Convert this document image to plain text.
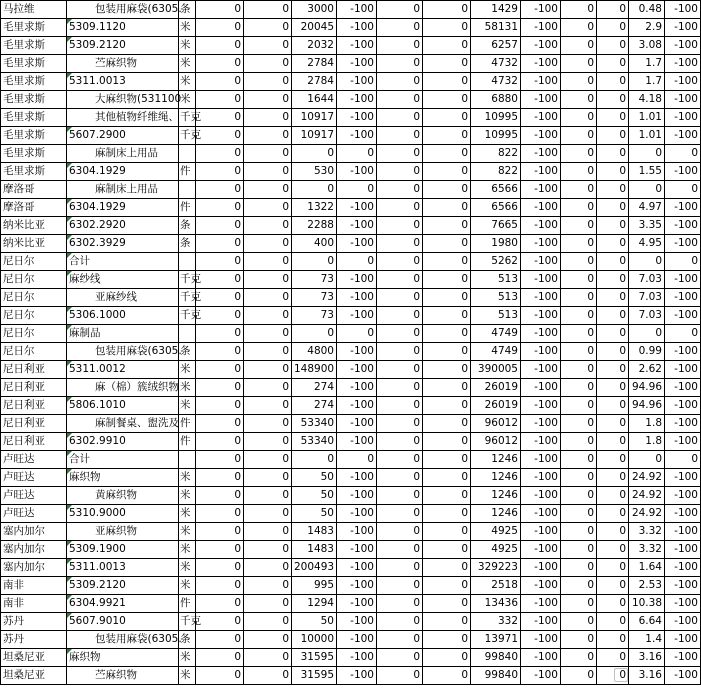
马拉维	包装用麻袋(6305.	条	0	0	3000	-100	0	0	1429	-100	0	0	0.48	-100
毛里求斯	5309.1120	米	0	0	20045	-100	0	0	58131	-100	0	0	2.9	-100
毛里求斯	5309.2120	米	0	0	2032	-100	0	0	6257	-100	0	0	3.08	-100
毛里求斯	苎麻织物	米	0	0	2784	-100	0	0	4732	-100	0	0	1.7	-100
毛里求斯	5311.0013	米	0	0	2784	-100	0	0	4732	-100	0	0	1.7	-100
毛里求斯	大麻织物(531100	米	0	0	1644	-100	0	0	6880	-100	0	0	4.18	-100
毛里求斯	其他植物纤维绳、	千克	0	0	10917	-100	0	0	10995	-100	0	0	1.01	-100
毛里求斯	5607.2900	千克	0	0	10917	-100	0	0	10995	-100	0	0	1.01	-100
毛里求斯	麻制床上用品		0	0	0	0	0	0	822	-100	0	0	0	0
毛里求斯	6304.1929	件	0	0	530	-100	0	0	822	-100	0	0	1.55	-100
摩洛哥	麻制床上用品		0	0	0	0	0	0	6566	-100	0	0	0	0
摩洛哥	6304.1929	件	0	0	1322	-100	0	0	6566	-100	0	0	4.97	-100
纳米比亚	6302.2920	条	0	0	2288	-100	0	0	7665	-100	0	0	3.35	-100
纳米比亚	6302.3929	条	0	0	400	-100	0	0	1980	-100	0	0	4.95	-100
尼日尔	合计		0	0	0	0	0	0	5262	-100	0	0	0	0
尼日尔	麻纱线	千克	0	0	73	-100	0	0	513	-100	0	0	7.03	-100
尼日尔	亚麻纱线	千克	0	0	73	-100	0	0	513	-100	0	0	7.03	-100
尼日尔	5306.1000	千克	0	0	73	-100	0	0	513	-100	0	0	7.03	-100
尼日尔	麻制品		0	0	0	0	0	0	4749	-100	0	0	0	0
尼日尔	包装用麻袋(6305.	条	0	0	4800	-100	0	0	4749	-100	0	0	0.99	-100
尼日利亚	5311.0012	米	0	0	148900	-100	0	0	390005	-100	0	0	2.62	-100
尼日利亚	麻（棉）簇绒织物	米	0	0	274	-100	0	0	26019	-100	0	0	94.96	-100
尼日利亚	5806.1010	米	0	0	274	-100	0	0	26019	-100	0	0	94.96	-100
尼日利亚	麻制餐桌、盥洗及	件	0	0	53340	-100	0	0	96012	-100	0	0	1.8	-100
尼日利亚	6302.9910	件	0	0	53340	-100	0	0	96012	-100	0	0	1.8	-100
卢旺达	合计		0	0	0	0	0	0	1246	-100	0	0	0	0
卢旺达	麻织物	米	0	0	50	-100	0	0	1246	-100	0	0	24.92	-100
卢旺达	黄麻织物	米	0	0	50	-100	0	0	1246	-100	0	0	24.92	-100
卢旺达	5310.9000	米	0	0	50	-100	0	0	1246	-100	0	0	24.92	-100
塞内加尔	亚麻织物	米	0	0	1483	-100	0	0	4925	-100	0	0	3.32	-100
塞内加尔	5309.1900	米	0	0	1483	-100	0	0	4925	-100	0	0	3.32	-100
塞内加尔	5311.0013	米	0	0	200493	-100	0	0	329223	-100	0	0	1.64	-100
南非	5309.2120	米	0	0	995	-100	0	0	2518	-100	0	0	2.53	-100
南非	6304.9921	件	0	0	1294	-100	0	0	13436	-100	0	0	10.38	-100
苏丹	5607.9010	千克	0	0	50	-100	0	0	332	-100	0	0	6.64	-100
苏丹	包装用麻袋(6305.	条	0	0	10000	-100	0	0	13971	-100	0	0	1.4	-100
坦桑尼亚	麻织物	米	0	0	31595	-100	0	0	99840	-100	0	0	3.16	-100
坦桑尼亚	苎麻织物	米	0	0	31595	-100	0	0	99840	-100	0	0	3.16	-100
